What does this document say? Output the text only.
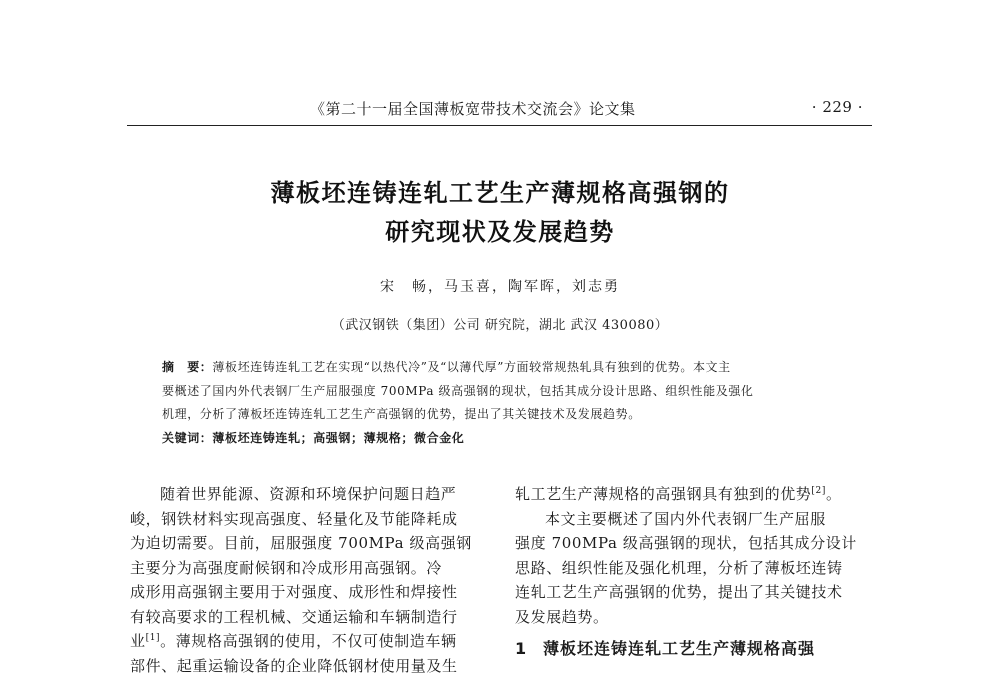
《第二十一届全国薄板宽带技术交流会》论文集	· 229 ·
薄板坯连铸连轧工艺生产薄规格高强钢的
研究现状及发展趋势
宋　畅，马玉喜，陶军晖，刘志勇
（武汉钢铁（集团）公司 研究院，湖北 武汉 430080）
摘　要：薄板坯连铸连轧工艺在实现“以热代冷”及“以薄代厚”方面较常规热轧具有独到的优势。本文主
要概述了国内外代表钢厂生产屈服强度 700MPa 级高强钢的现状，包括其成分设计思路、组织性能及强化
机理，分析了薄板坯连铸连轧工艺生产高强钢的优势，提出了其关键技术及发展趋势。
关键词：薄板坯连铸连轧；高强钢；薄规格；微合金化
随着世界能源、资源和环境保护问题日趋严
峻，钢铁材料实现高强度、轻量化及节能降耗成
为迫切需要。目前，屈服强度 700MPa 级高强钢
主要分为高强度耐候钢和冷成形用高强钢。冷
成形用高强钢主要用于对强度、成形性和焊接性
有较高要求的工程机械、交通运输和车辆制造行
业[1]。薄规格高强钢的使用，不仅可使制造车辆
部件、起重运输设备的企业降低钢材使用量及生
轧工艺生产薄规格的高强钢具有独到的优势[2]。
本文主要概述了国内外代表钢厂生产屈服
强度 700MPa 级高强钢的现状，包括其成分设计
思路、组织性能及强化机理，分析了薄板坯连铸
连轧工艺生产高强钢的优势，提出了其关键技术
及发展趋势。
1 薄板坯连铸连轧工艺生产薄规格高强
